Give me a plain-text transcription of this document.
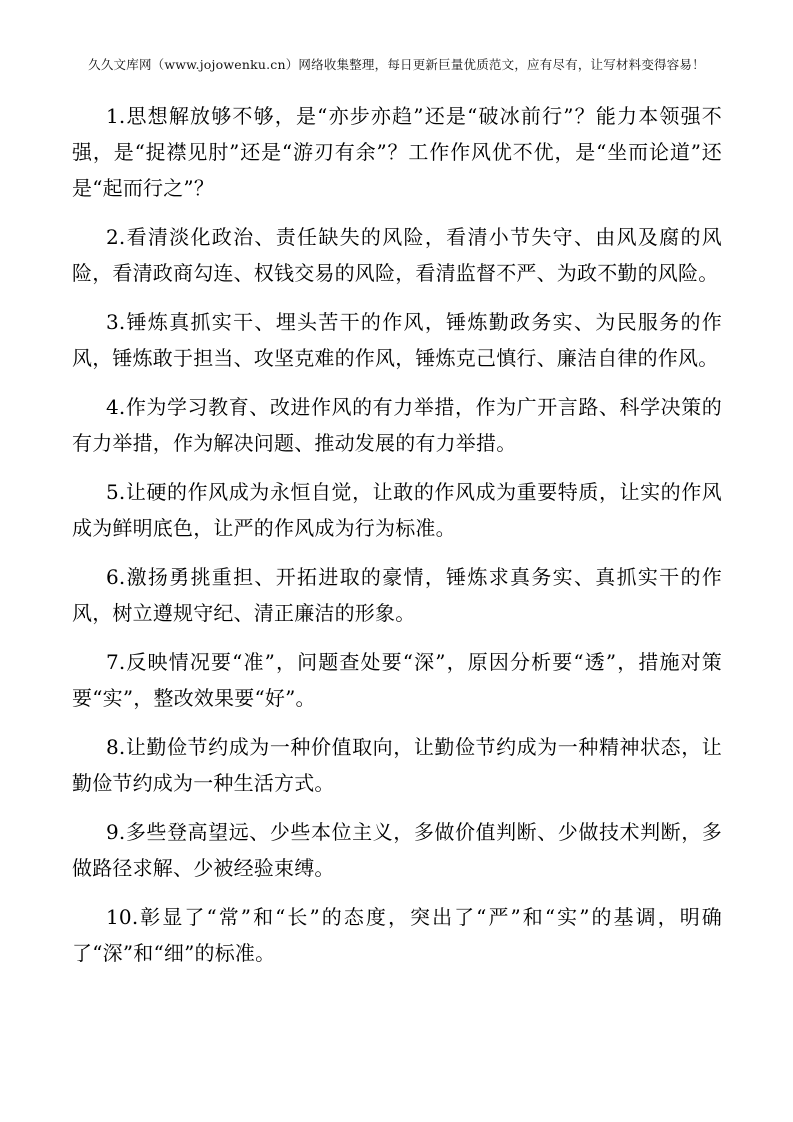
久久文库网（www.jojowenku.cn）网络收集整理，每日更新巨量优质范文，应有尽有，让写材料变得容易！

1.思想解放够不够，是“亦步亦趋”还是“破冰前行”？能力本领强不强，是“捉襟见肘”还是“游刃有余”？工作作风优不优，是“坐而论道”还是“起而行之”？

2.看清淡化政治、责任缺失的风险，看清小节失守、由风及腐的风险，看清政商勾连、权钱交易的风险，看清监督不严、为政不勤的风险。

3.锤炼真抓实干、埋头苦干的作风，锤炼勤政务实、为民服务的作风，锤炼敢于担当、攻坚克难的作风，锤炼克己慎行、廉洁自律的作风。

4.作为学习教育、改进作风的有力举措，作为广开言路、科学决策的有力举措，作为解决问题、推动发展的有力举措。

5.让硬的作风成为永恒自觉，让敢的作风成为重要特质，让实的作风成为鲜明底色，让严的作风成为行为标准。

6.激扬勇挑重担、开拓进取的豪情，锤炼求真务实、真抓实干的作风，树立遵规守纪、清正廉洁的形象。

7.反映情况要“准”，问题查处要“深”，原因分析要“透”，措施对策要“实”，整改效果要“好”。

8.让勤俭节约成为一种价值取向，让勤俭节约成为一种精神状态，让勤俭节约成为一种生活方式。

9.多些登高望远、少些本位主义，多做价值判断、少做技术判断，多做路径求解、少被经验束缚。

10.彰显了“常”和“长”的态度，突出了“严”和“实”的基调，明确了“深”和“细”的标准。
